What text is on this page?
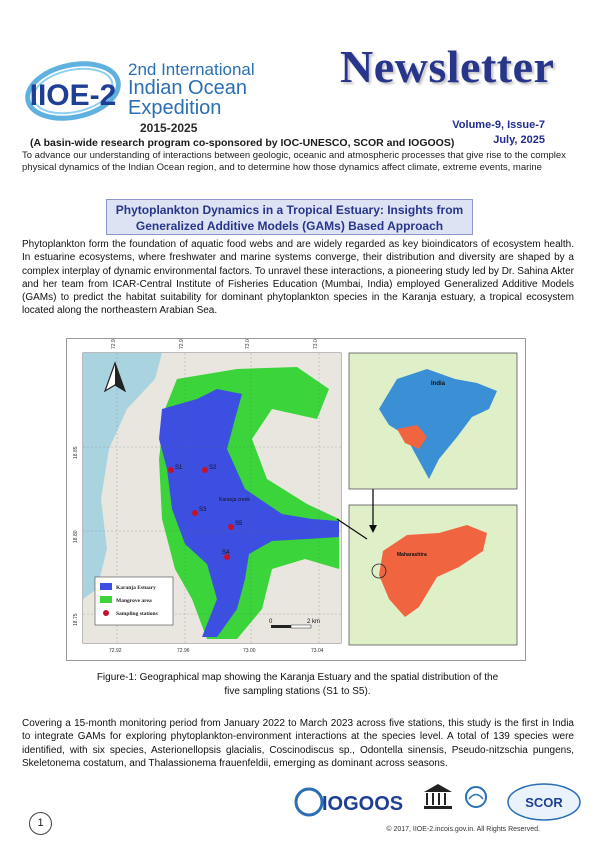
IIOE-2
2nd International
Indian Ocean
Expedition
2015-2025
Newsletter
Volume-9, Issue-7
July, 2025
(A basin-wide research program co-sponsored by IOC-UNESCO, SCOR and IOGOOS)
To advance our understanding of interactions between geologic, oceanic and atmospheric processes that give rise to the complex physical dynamics of the Indian Ocean region, and to determine how those dynamics affect climate, extreme events, marine
Phytoplankton Dynamics in a Tropical Estuary: Insights from
Generalized Additive Models (GAMs) Based Approach
Phytoplankton form the foundation of aquatic food webs and are widely regarded as key bioindicators of ecosystem health. In estuarine ecosystems, where freshwater and marine systems converge, their distribution and diversity are shaped by a complex interplay of dynamic environmental factors. To unravel these interactions, a pioneering study led by Dr. Sahina Akter and her team from ICAR-Central Institute of Fisheries Education (Mumbai, India) employed Generalized Additive Models (GAMs) to predict the habitat suitability for dominant phytoplankton species in the Karanja estuary, a tropical ecosystem located along the northeastern Arabian Sea.
72.92	72.96	73.00	73.04
72.92	72.96	73.00	73.04
18.85
18.80
18.75
S1	S2
S3
S5
S4
Karanja creek
Karanja Estuary
Mangrove area
Sampling stations
0	2 km
India
Maharashtra
Figure-1: Geographical map showing the Karanja Estuary and the spatial distribution of the
five sampling stations (S1 to S5).
Covering a 15-month monitoring period from January 2022 to March 2023 across five stations, this study is the first in India to integrate GAMs for exploring phytoplankton-environment interactions at the species level. A total of 139 species were identified, with six species, Asterionellopsis glacialis, Coscinodiscus sp., Odontella sinensis, Pseudo-nitzschia pungens, Skeletonema costatum, and Thalassionema frauenfeldii, emerging as dominant across seasons.
1
IOGOOS	SCOR
© 2017, IIOE-2.incois.gov.in. All Rights Reserved.
